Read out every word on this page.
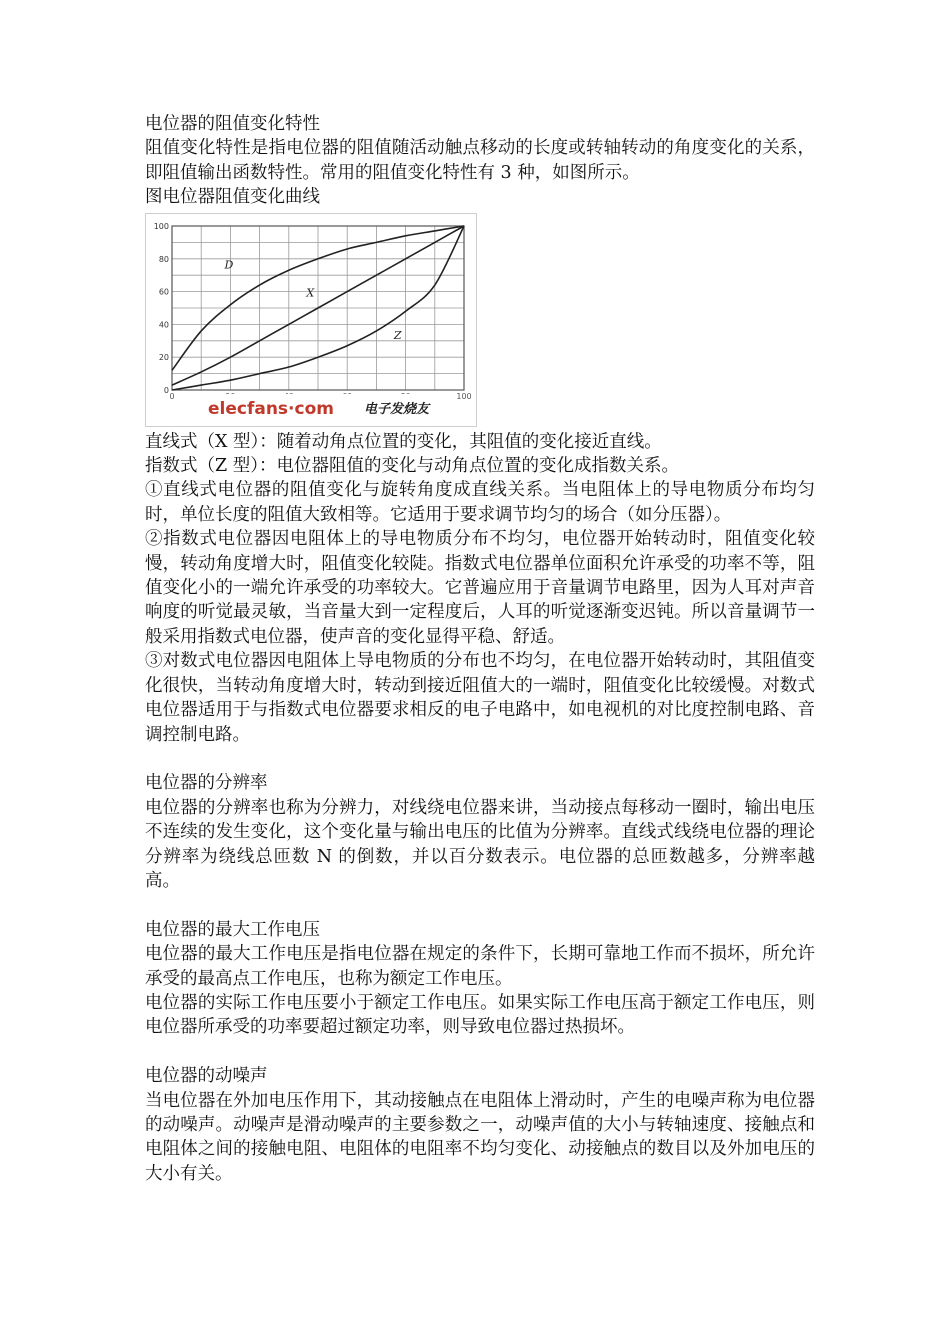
电位器的阻值变化特性

阻值变化特性是指电位器的阻值随活动触点移动的长度或转轴转动的角度变化的关系，即阻值输出函数特性。常用的阻值变化特性有 3 种，如图所示。

图电位器阻值变化曲线

0
20
40
60
80
100
0	100
D
X
Z
elecfans·com 电子发烧友

直线式（X 型）：随着动角点位置的变化，其阻值的变化接近直线。

指数式（Z 型）：电位器阻值的变化与动角点位置的变化成指数关系。

①直线式电位器的阻值变化与旋转角度成直线关系。当电阻体上的导电物质分布均匀时，单位长度的阻值大致相等。它适用于要求调节均匀的场合（如分压器）。

②指数式电位器因电阻体上的导电物质分布不均匀，电位器开始转动时，阻值变化较慢，转动角度增大时，阻值变化较陡。指数式电位器单位面积允许承受的功率不等，阻值变化小的一端允许承受的功率较大。它普遍应用于音量调节电路里，因为人耳对声音响度的听觉最灵敏，当音量大到一定程度后，人耳的听觉逐渐变迟钝。所以音量调节一般采用指数式电位器，使声音的变化显得平稳、舒适。

③对数式电位器因电阻体上导电物质的分布也不均匀，在电位器开始转动时，其阻值变化很快，当转动角度增大时，转动到接近阻值大的一端时，阻值变化比较缓慢。对数式电位器适用于与指数式电位器要求相反的电子电路中，如电视机的对比度控制电路、音调控制电路。

电位器的分辨率

电位器的分辨率也称为分辨力，对线绕电位器来讲，当动接点每移动一圈时，输出电压不连续的发生变化，这个变化量与输出电压的比值为分辨率。直线式线绕电位器的理论分辨率为绕线总匝数 N 的倒数，并以百分数表示。电位器的总匝数越多，分辨率越高。

电位器的最大工作电压

电位器的最大工作电压是指电位器在规定的条件下，长期可靠地工作而不损坏，所允许承受的最高点工作电压，也称为额定工作电压。

电位器的实际工作电压要小于额定工作电压。如果实际工作电压高于额定工作电压，则电位器所承受的功率要超过额定功率，则导致电位器过热损坏。

电位器的动噪声

当电位器在外加电压作用下，其动接触点在电阻体上滑动时，产生的电噪声称为电位器的动噪声。动噪声是滑动噪声的主要参数之一，动噪声值的大小与转轴速度、接触点和电阻体之间的接触电阻、电阻体的电阻率不均匀变化、动接触点的数目以及外加电压的大小有关。
